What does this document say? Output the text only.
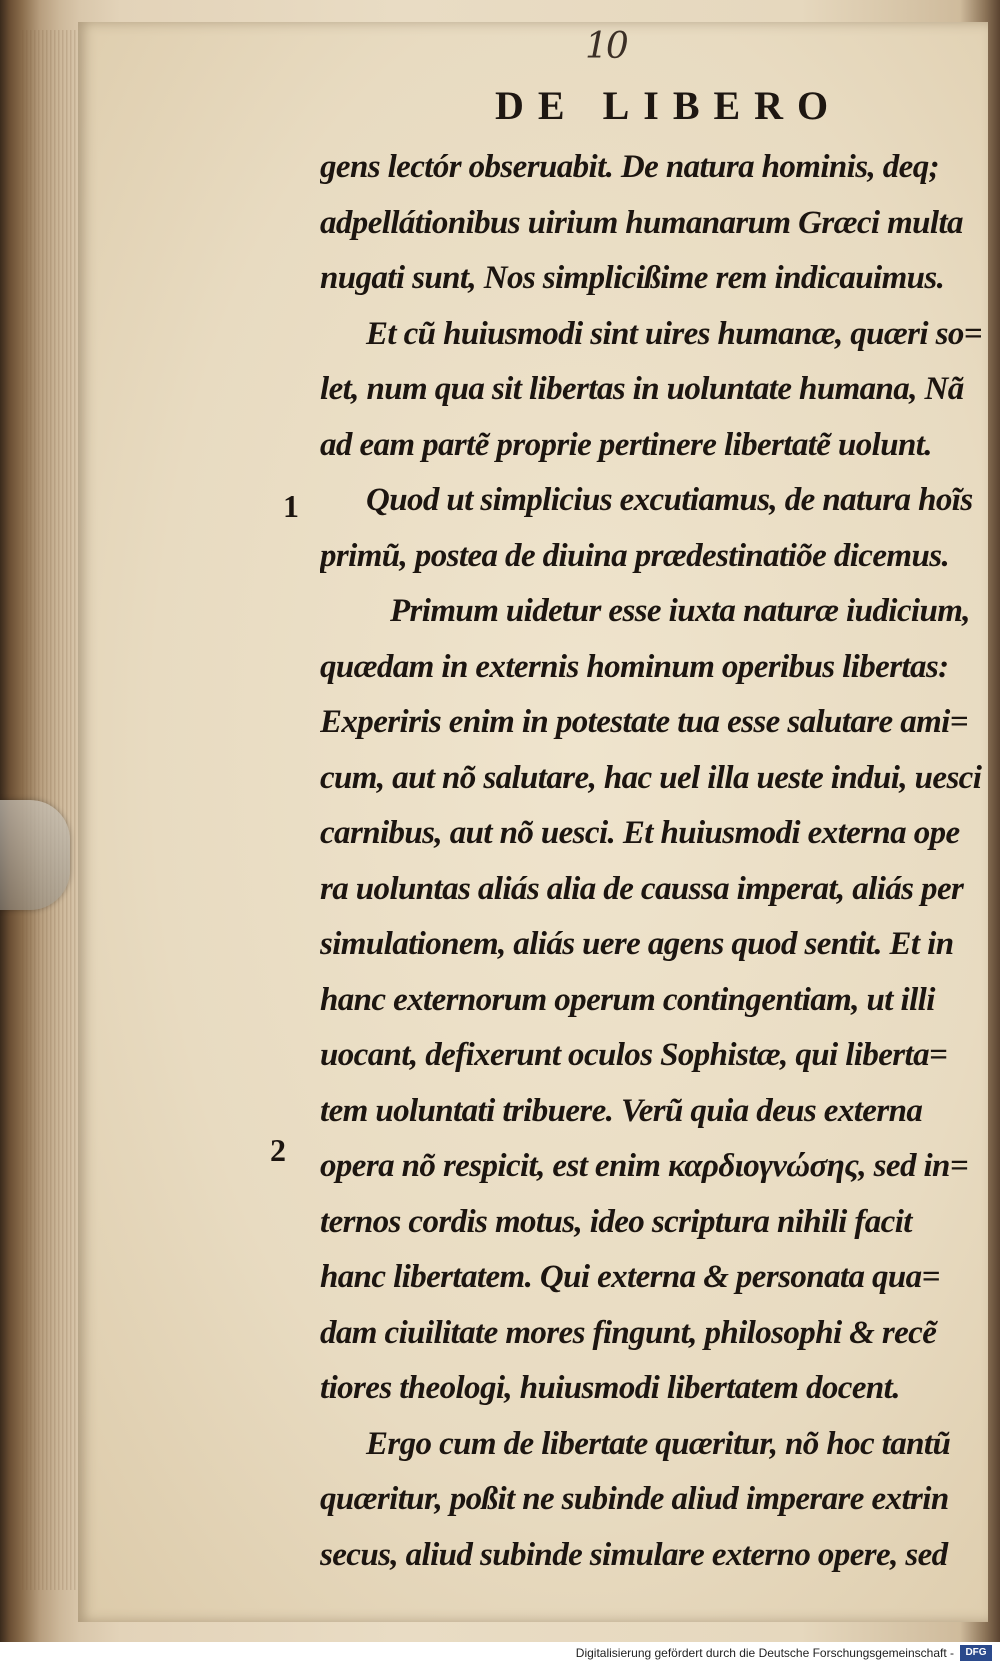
10
DE LIBERO
1
2
gens lectór obseruabit. De natura hominis, deq;
adpellátionibus uirium humanarum Græci multa
nugati sunt, Nos simplicißime rem indicauimus.
Et cũ huiusmodi sint uires humanæ, quæri so=
let, num qua sit libertas in uoluntate humana, Nã
ad eam partẽ proprie pertinere libertatẽ uolunt.
Quod ut simplicius excutiamus, de natura hoĩs
primũ, postea de diuina prædestinatiõe dicemus.
Primum uidetur esse iuxta naturæ iudicium,
quædam in externis hominum operibus libertas:
Experiris enim in potestate tua esse salutare ami=
cum, aut nõ salutare, hac uel illa ueste indui, uesci
carnibus, aut nõ uesci. Et huiusmodi externa ope
ra uoluntas aliás alia de caussa imperat, aliás per
simulationem, aliás uere agens quod sentit. Et in
hanc externorum operum contingentiam, ut illi
uocant, defixerunt oculos Sophistæ, qui liberta=
tem uoluntati tribuere. Verũ quia deus externa
opera nõ respicit, est enim καρδιογνώσης, sed in=
ternos cordis motus, ideo scriptura nihili facit
hanc libertatem. Qui externa & personata qua=
dam ciuilitate mores fingunt, philosophi & recẽ
tiores theologi, huiusmodi libertatem docent.
Ergo cum de libertate quæritur, nõ hoc tantũ
quæritur, poßit ne subinde aliud imperare extrin
secus, aliud subinde simulare externo opere, sed
Digitalisierung gefördert durch die Deutsche Forschungsgemeinschaft -	DFG
